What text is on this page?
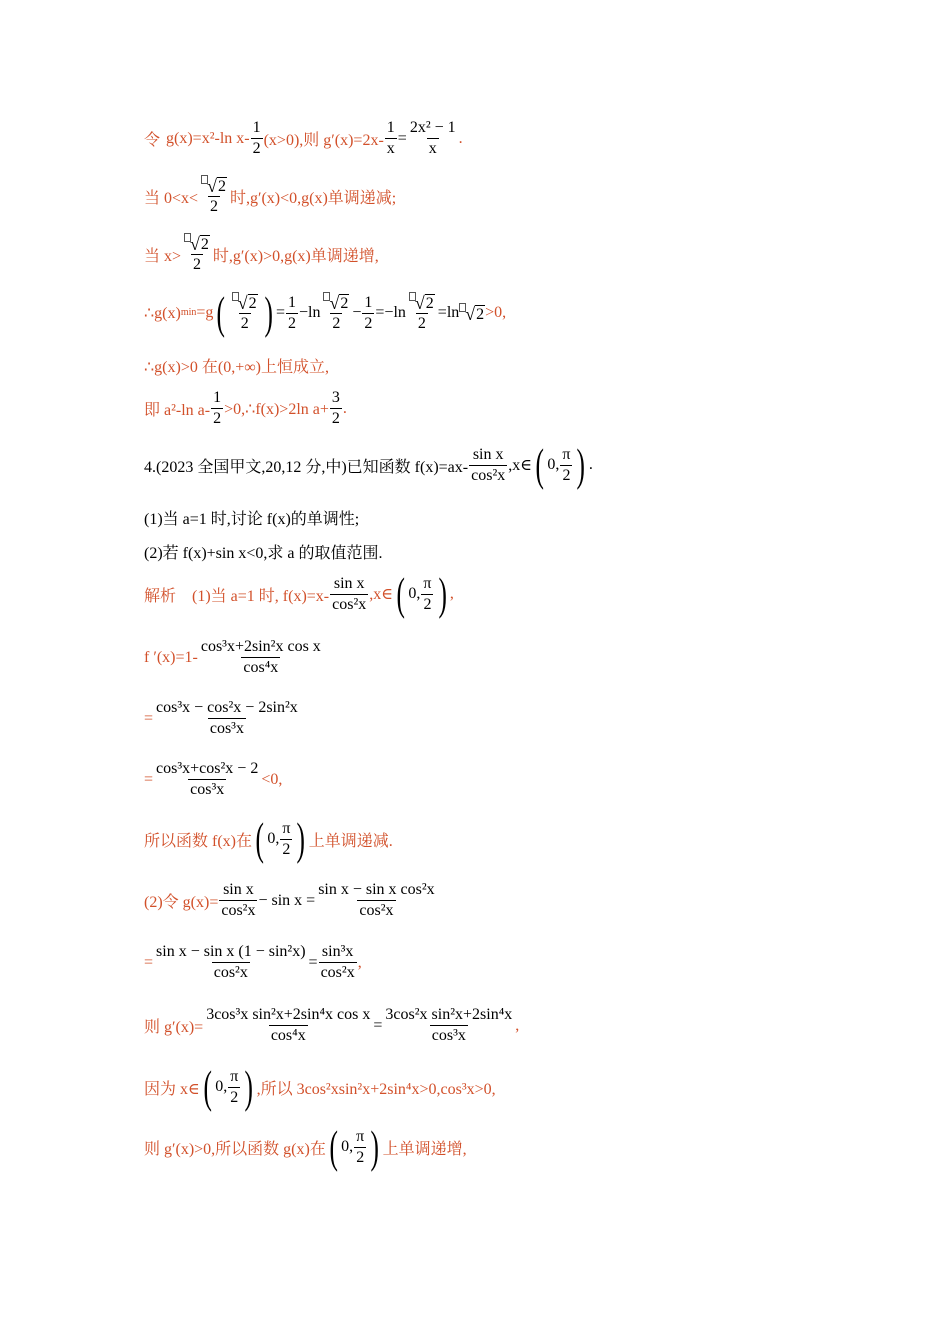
令 g(x)=x²-ln $x- \frac{1}{2} (x>0)$,则 $g'(x)=2x- \frac{1}{x} = \frac{\text{2x² − 1}}{x}$ .
当 $0<x< \frac{√ 2}{2}$ 时,g′(x)<0,g(x)单调递减;
当 $x> \frac{√ 2}{2}$ 时,g′(x)>0,g(x)单调递增,
∴g(x) min =g ( $\frac{√ 2}{2}$ ) = $\frac{1}{2} -\ln \frac{√ 2}{2} - \frac{1}{2} =-\ln \frac{√ 2}{2} =\ln$ √ 2 >0,
∴g(x)>0 在(0,+∞)上恒成立,
即 a²-ln $a- \frac{1}{2}$ >0,∴f(x)>2ln $a+ \frac{3}{2}$ .
4.(2023 全国甲文,20,12 分,中)已知函数 $f(x)=ax- \frac{\text{sin x}}{\text{cos²x}}$ ,x∈ ( 0 , $\frac{\pi}{2}$ ) .
(1)当 a=1 时,讨论 f(x)的单调性;
(2)若 f(x)+sin x<0,求 a 的取值范围.
解析　(1)当 a=1 时, $f(x)=x- \frac{\text{sin x}}{\text{cos²x}}$ ,x∈ ( 0 , $\frac{\pi}{2}$ ) ,
f $'(x)=1- \frac{\text{cos³x+2sin²x cos x}}{\text{cos⁴x}}$
= $\frac{\text{cos³x − cos²x − 2sin²x}}{\text{cos³x}}$
= $\frac{\text{cos³x+cos²x − 2}}{\text{cos³x}} <0$,
所以函数 f(x)在 ( 0 , $\frac{\pi}{2}$ ) 上单调递减.
(2)令 $g(x)= \frac{\text{sin x}}{\text{cos²x}} - \sin x = \frac{\text{sin x − sin x cos²x}}{\text{cos²x}}$
= $\frac{\text{sin x − sin x (1 − sin²x)}}{\text{cos²x}} = \frac{\text{sin³x}}{\text{cos²x}}$ ,
则 $g'(x)= \frac{\text{3cos³x sin²x+2sin⁴x cos x}}{\text{cos⁴x}} = \frac{\text{3cos²x sin²x+2sin⁴x}}{\text{cos³x}}$ ,
因为 x∈ ( 0 , $\frac{\pi}{2}$ ) ,所以 3cos²xsin²x+2sin⁴x>0,cos³x>0,
则 g′(x)>0,所以函数 g(x)在 ( 0 , $\frac{\pi}{2}$ ) 上单调递增,
